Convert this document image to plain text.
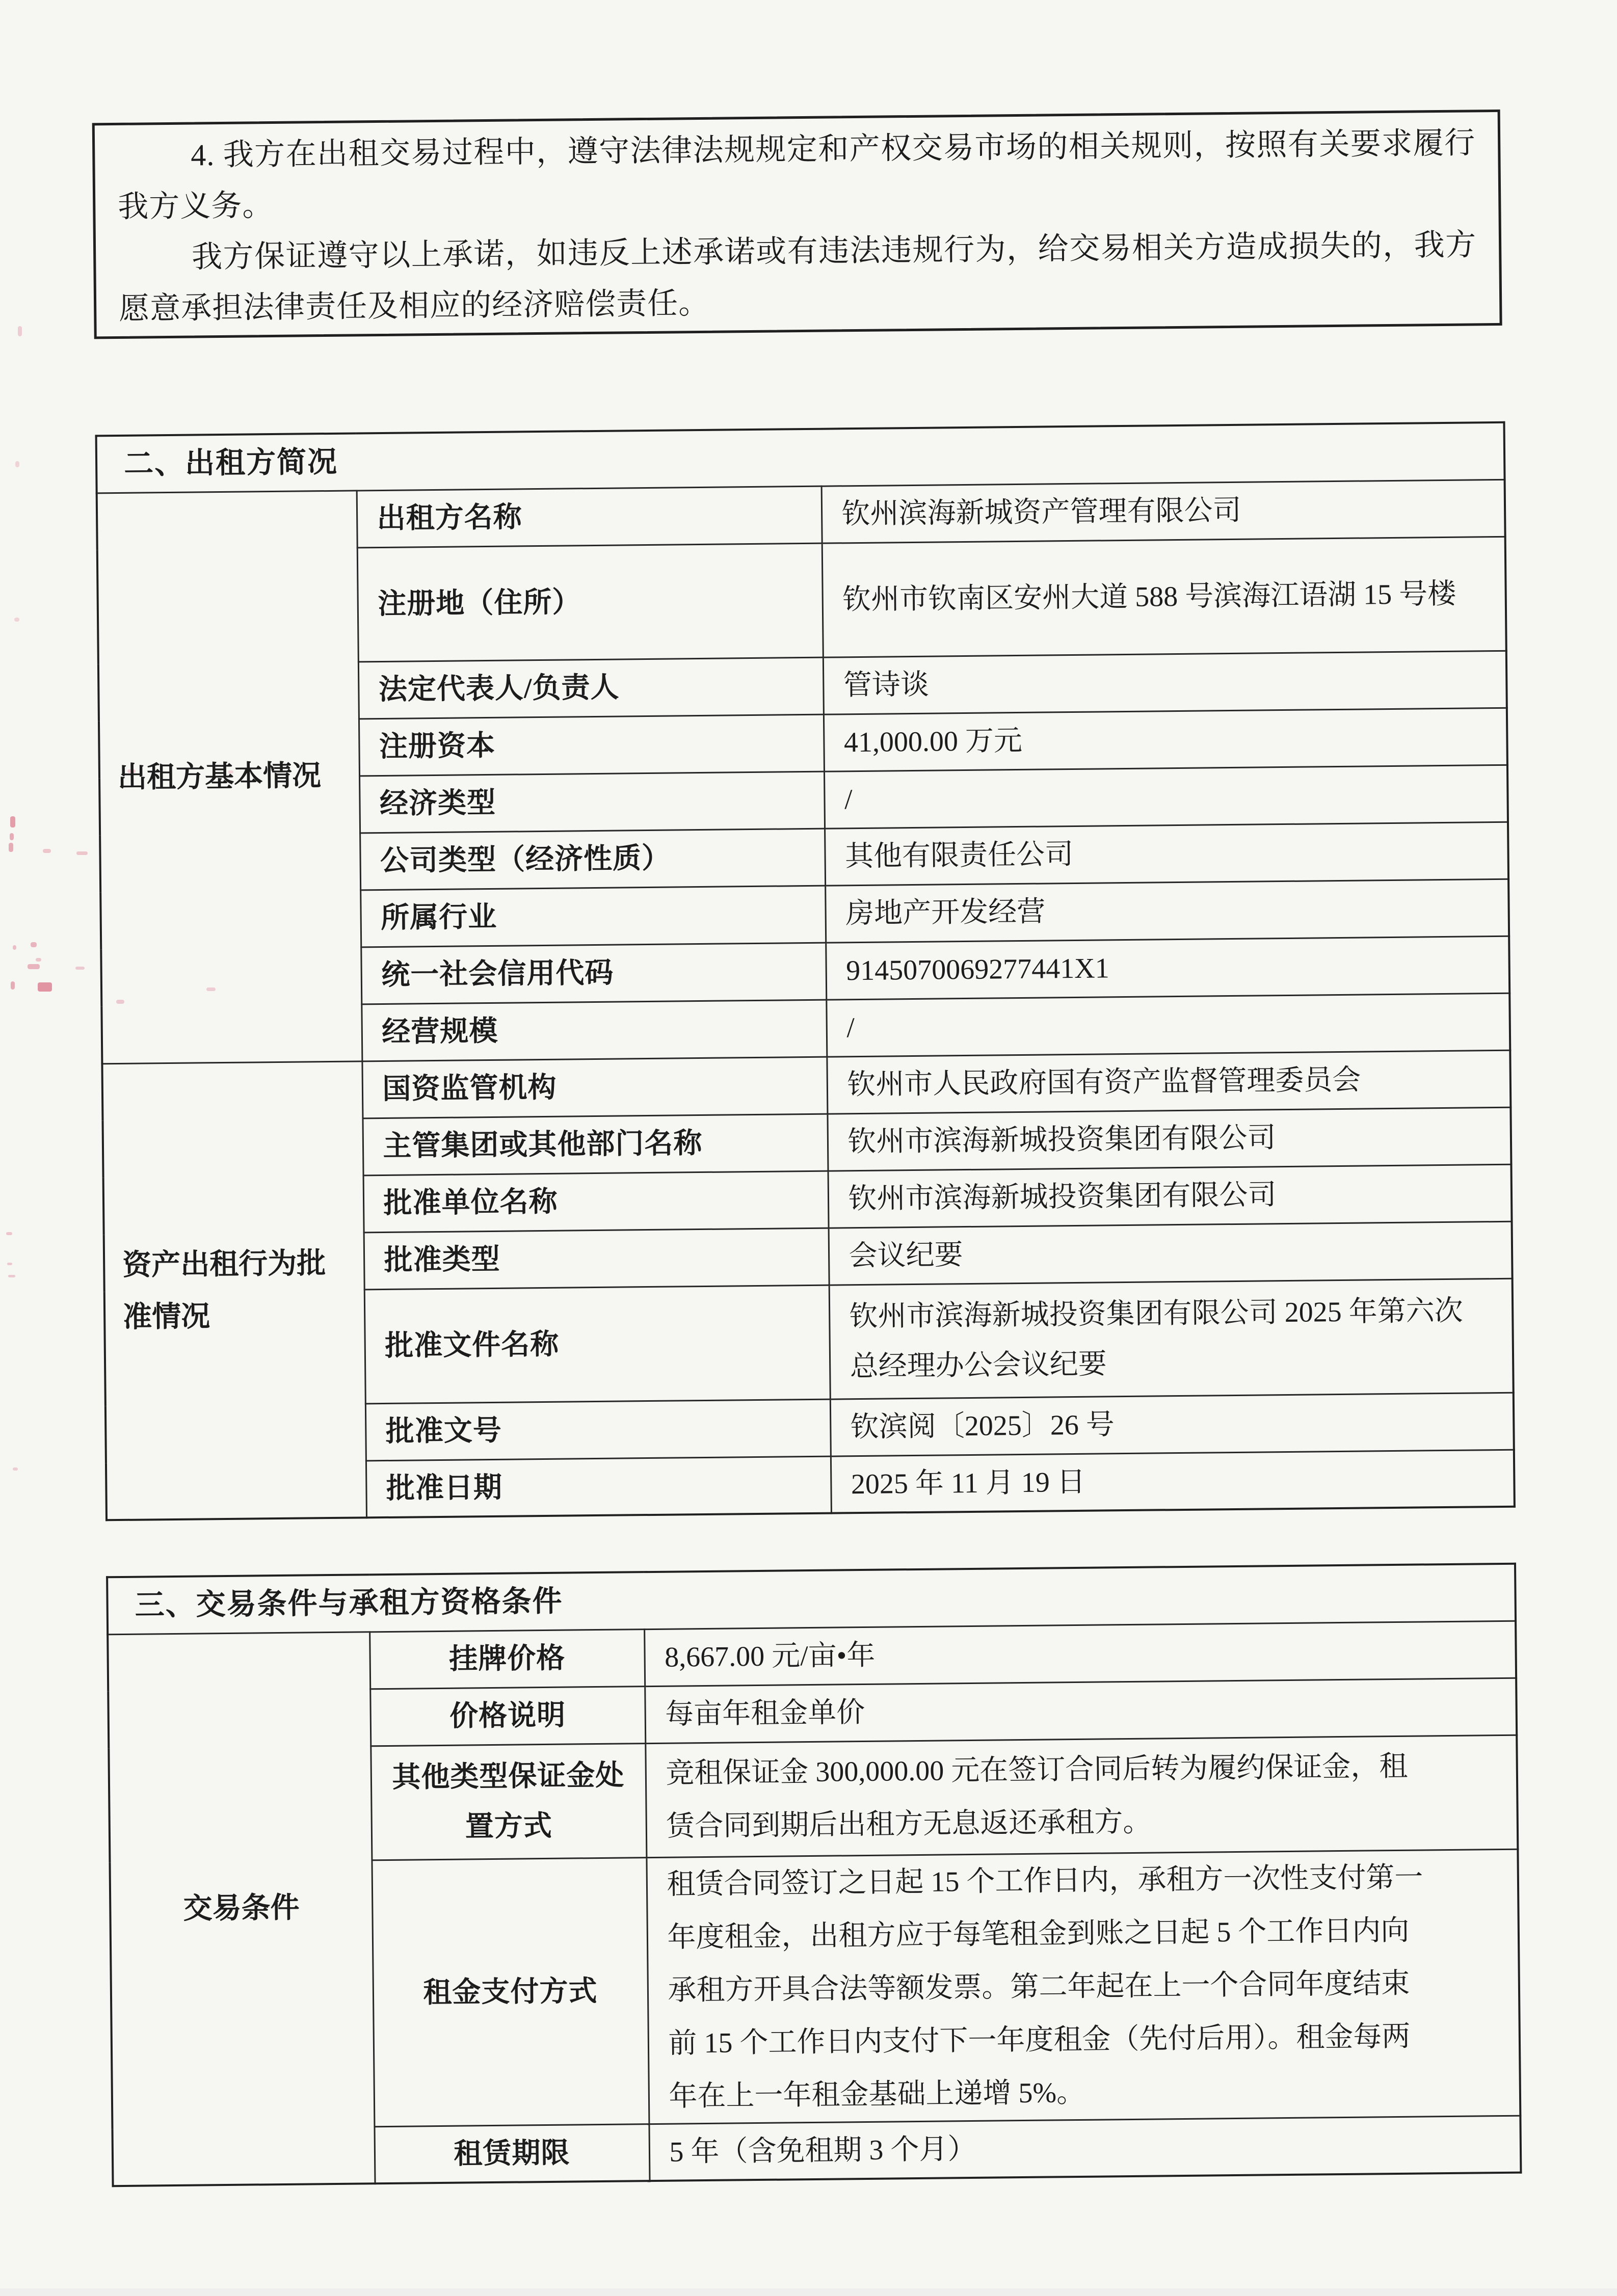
4. 我方在出租交易过程中，遵守法律法规规定和产权交易市场的相关规则，按照有关要求履行我方义务。

我方保证遵守以上承诺，如违反上述承诺或有违法违规行为，给交易相关方造成损失的，我方愿意承担法律责任及相应的经济赔偿责任。

二、出租方简况		
出租方基本情况	出租方名称	钦州滨海新城资产管理有限公司
	注册地（住所）	钦州市钦南区安州大道 588 号滨海江语湖 15 号楼
	法定代表人/负责人	管诗谈
	注册资本	41,000.00 万元
	经济类型	/
	公司类型（经济性质）	其他有限责任公司
	所属行业	房地产开发经营
	统一社会信用代码	9145070069277441X1
	经营规模	/
资产出租行为批准情况	国资监管机构	钦州市人民政府国有资产监督管理委员会
	主管集团或其他部门名称	钦州市滨海新城投资集团有限公司
	批准单位名称	钦州市滨海新城投资集团有限公司
	批准类型	会议纪要
	批准文件名称	钦州市滨海新城投资集团有限公司 2025 年第六次总经理办公会议纪要
	批准文号	钦滨阅〔2025〕26 号
	批准日期	2025 年 11 月 19 日
三、交易条件与承租方资格条件		
交易条件	挂牌价格	8,667.00 元/亩•年
	价格说明	每亩年租金单价
	其他类型保证金处置方式	竞租保证金 300,000.00 元在签订合同后转为履约保证金，租赁合同到期后出租方无息返还承租方。
	租金支付方式	租赁合同签订之日起 15 个工作日内，承租方一次性支付第一年度租金，出租方应于每笔租金到账之日起 5 个工作日内向承租方开具合法等额发票。第二年起在上一个合同年度结束前 15 个工作日内支付下一年度租金（先付后用）。租金每两年在上一年租金基础上递增 5%。
	租赁期限	5 年（含免租期 3 个月）
